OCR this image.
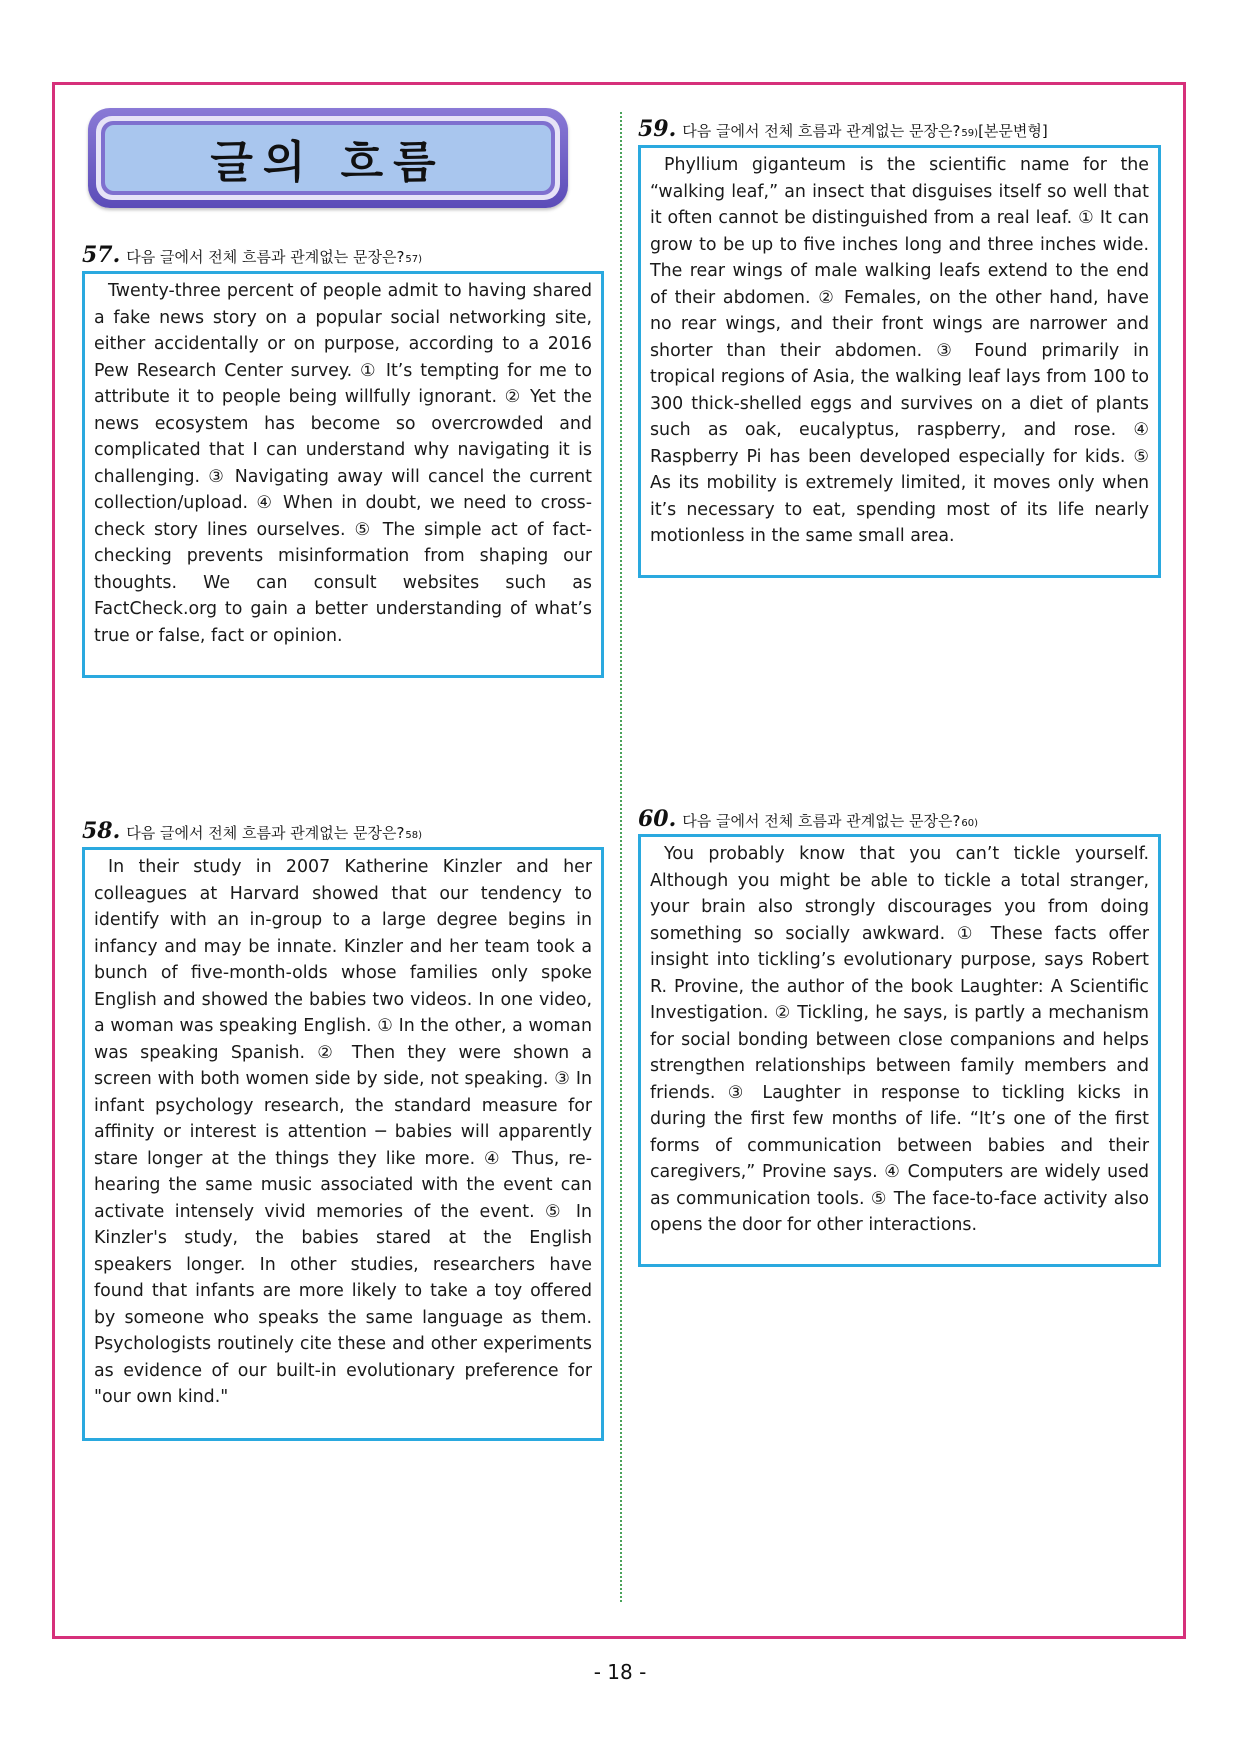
글의 흐름
57. 다음 글에서 전체 흐름과 관계없는 문장은? 57)
Twenty-three percent of people admit to having shared a fake news story on a popular social networking site, either accidentally or on purpose, according to a 2016 Pew Research Center survey. ① It’s tempting for me to attribute it to people being willfully ignorant. ② Yet the news ecosystem has become so overcrowded and complicated that I can understand why navigating it is challenging. ③ Navigating away will cancel the current collection/upload. ④ When in doubt, we need to cross-check story lines ourselves. ⑤ The simple act of fact-checking prevents misinformation from shaping our thoughts. We can consult websites such as FactCheck.org to gain a better understanding of what’s true or false, fact or opinion.
58. 다음 글에서 전체 흐름과 관계없는 문장은? 58)
In their study in 2007 Katherine Kinzler and her colleagues at Harvard showed that our tendency to identify with an in-group to a large degree begins in infancy and may be innate. Kinzler and her team took a bunch of five-month-olds whose families only spoke English and showed the babies two videos. In one video, a woman was speaking English. ① In the other, a woman was speaking Spanish. ② Then they were shown a screen with both women side by side, not speaking. ③ In infant psychology research, the standard measure for affinity or interest is attention ─ babies will apparently stare longer at the things they like more. ④ Thus, re-hearing the same music associated with the event can activate intensely vivid memories of the event. ⑤ In Kinzler's study, the babies stared at the English speakers longer. In other studies, researchers have found that infants are more likely to take a toy offered by someone who speaks the same language as them. Psychologists routinely cite these and other experiments as evidence of our built-in evolutionary preference for "our own kind."
59. 다음 글에서 전체 흐름과 관계없는 문장은? 59) [본문변형]
Phyllium giganteum is the scientific name for the “walking leaf,” an insect that disguises itself so well that it often cannot be distinguished from a real leaf. ① It can grow to be up to five inches long and three inches wide. The rear wings of male walking leafs extend to the end of their abdomen. ② Females, on the other hand, have no rear wings, and their front wings are narrower and shorter than their abdomen. ③ Found primarily in tropical regions of Asia, the walking leaf lays from 100 to 300 thick-shelled eggs and survives on a diet of plants such as oak, eucalyptus, raspberry, and rose. ④ Raspberry Pi has been developed especially for kids. ⑤ As its mobility is extremely limited, it moves only when it’s necessary to eat, spending most of its life nearly motionless in the same small area.
60. 다음 글에서 전체 흐름과 관계없는 문장은? 60)
You probably know that you can’t tickle yourself. Although you might be able to tickle a total stranger, your brain also strongly discourages you from doing something so socially awkward. ① These facts offer insight into tickling’s evolutionary purpose, says Robert R. Provine, the author of the book Laughter: A Scientific Investigation. ② Tickling, he says, is partly a mechanism for social bonding between close companions and helps strengthen relationships between family members and friends. ③ Laughter in response to tickling kicks in during the first few months of life. “It’s one of the first forms of communication between babies and their caregivers,” Provine says. ④ Computers are widely used as communication tools. ⑤ The face-to-face activity also opens the door for other interactions.
- 18 -
